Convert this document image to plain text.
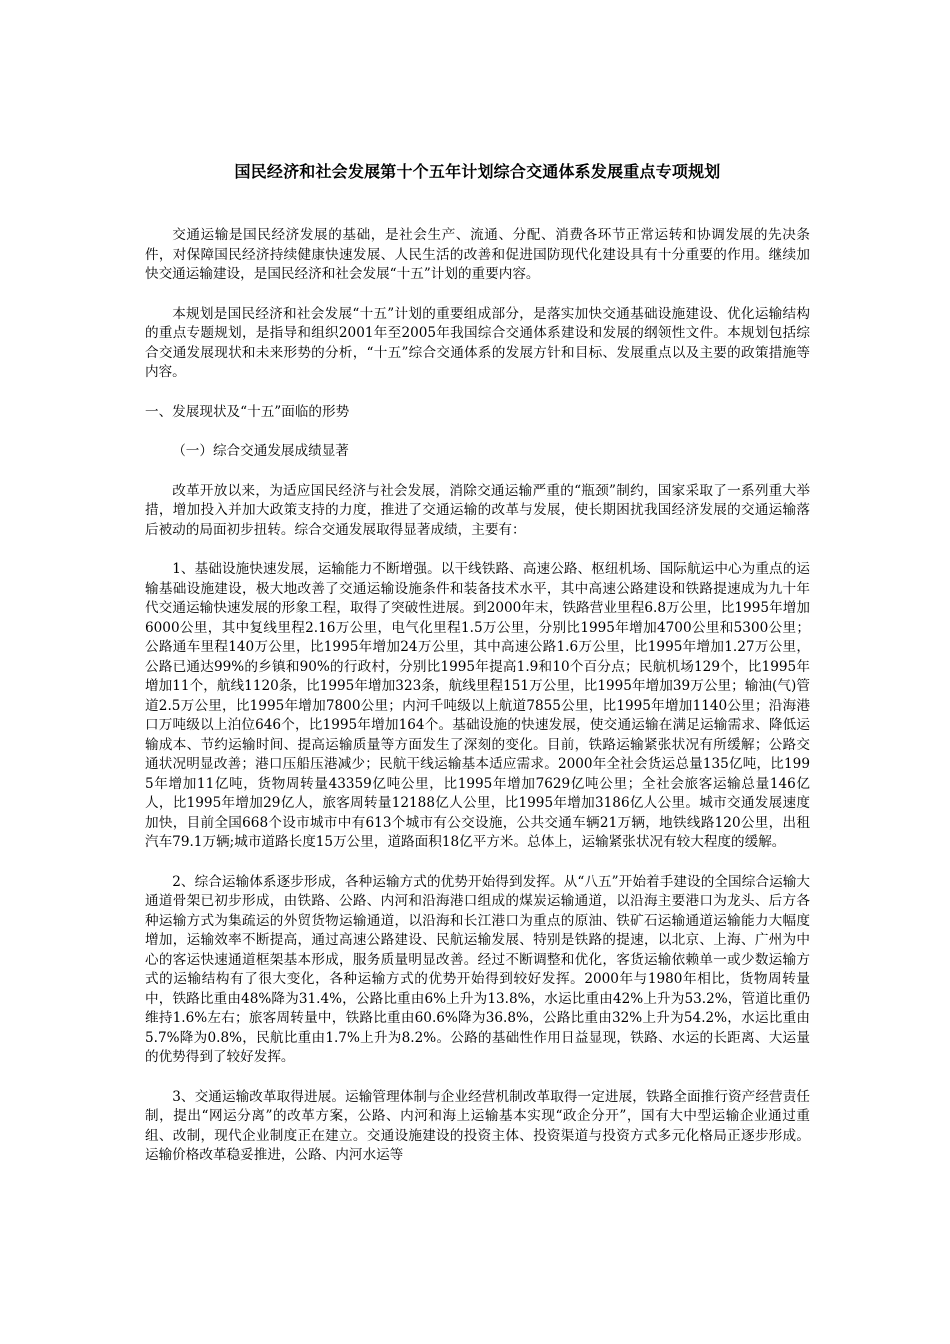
国民经济和社会发展第十个五年计划综合交通体系发展重点专项规划

交通运输是国民经济发展的基础，是社会生产、流通、分配、消费各环节正常运转和协调发展的先决条件，对保障国民经济持续健康快速发展、人民生活的改善和促进国防现代化建设具有十分重要的作用。继续加快交通运输建设，是国民经济和社会发展“十五”计划的重要内容。

本规划是国民经济和社会发展“十五”计划的重要组成部分，是落实加快交通基础设施建设、优化运输结构的重点专题规划，是指导和组织2001年至2005年我国综合交通体系建设和发展的纲领性文件。本规划包括综合交通发展现状和未来形势的分析，“十五”综合交通体系的发展方针和目标、发展重点以及主要的政策措施等内容。

一、发展现状及“十五”面临的形势

（一）综合交通发展成绩显著

改革开放以来，为适应国民经济与社会发展，消除交通运输严重的“瓶颈”制约，国家采取了一系列重大举措，增加投入并加大政策支持的力度，推进了交通运输的改革与发展，使长期困扰我国经济发展的交通运输落后被动的局面初步扭转。综合交通发展取得显著成绩，主要有：

1、基础设施快速发展，运输能力不断增强。以干线铁路、高速公路、枢纽机场、国际航运中心为重点的运输基础设施建设，极大地改善了交通运输设施条件和装备技术水平，其中高速公路建设和铁路提速成为九十年代交通运输快速发展的形象工程，取得了突破性进展。到2000年末，铁路营业里程6.8万公里，比1995年增加6000公里，其中复线里程2.16万公里，电气化里程1.5万公里，分别比1995年增加4700公里和5300公里；公路通车里程140万公里，比1995年增加24万公里，其中高速公路1.6万公里，比1995年增加1.27万公里，公路已通达99%的乡镇和90%的行政村，分别比1995年提高1.9和10个百分点；民航机场129个，比1995年增加11个，航线1120条，比1995年增加323条，航线里程151万公里，比1995年增加39万公里；输油(气)管道2.5万公里，比1995年增加7800公里；内河千吨级以上航道7855公里，比1995年增加1140公里；沿海港口万吨级以上泊位646个，比1995年增加164个。基础设施的快速发展，使交通运输在满足运输需求、降低运输成本、节约运输时间、提高运输质量等方面发生了深刻的变化。目前，铁路运输紧张状况有所缓解；公路交通状况明显改善；港口压船压港减少；民航干线运输基本适应需求。2000年全社会货运总量135亿吨，比1995年增加11亿吨，货物周转量43359亿吨公里，比1995年增加7629亿吨公里；全社会旅客运输总量146亿人，比1995年增加29亿人，旅客周转量12188亿人公里，比1995年增加3186亿人公里。城市交通发展速度加快，目前全国668个设市城市中有613个城市有公交设施，公共交通车辆21万辆，地铁线路120公里，出租汽车79.1万辆;城市道路长度15万公里，道路面积18亿平方米。总体上，运输紧张状况有较大程度的缓解。

2、综合运输体系逐步形成，各种运输方式的优势开始得到发挥。从“八五”开始着手建设的全国综合运输大通道骨架已初步形成，由铁路、公路、内河和沿海港口组成的煤炭运输通道，以沿海主要港口为龙头、后方各种运输方式为集疏运的外贸货物运输通道，以沿海和长江港口为重点的原油、铁矿石运输通道运输能力大幅度增加，运输效率不断提高，通过高速公路建设、民航运输发展、特别是铁路的提速，以北京、上海、广州为中心的客运快速通道框架基本形成，服务质量明显改善。经过不断调整和优化，客货运输依赖单一或少数运输方式的运输结构有了很大变化，各种运输方式的优势开始得到较好发挥。2000年与1980年相比，货物周转量中，铁路比重由48%降为31.4%，公路比重由6%上升为13.8%，水运比重由42%上升为53.2%，管道比重仍维持1.6%左右；旅客周转量中，铁路比重由60.6%降为36.8%，公路比重由32%上升为54.2%，水运比重由5.7%降为0.8%，民航比重由1.7%上升为8.2%。公路的基础性作用日益显现，铁路、水运的长距离、大运量的优势得到了较好发挥。

3、交通运输改革取得进展。运输管理体制与企业经营机制改革取得一定进展，铁路全面推行资产经营责任制，提出“网运分离”的改革方案，公路、内河和海上运输基本实现“政企分开”，国有大中型运输企业通过重组、改制，现代企业制度正在建立。交通设施建设的投资主体、投资渠道与投资方式多元化格局正逐步形成。运输价格改革稳妥推进，公路、内河水运等
